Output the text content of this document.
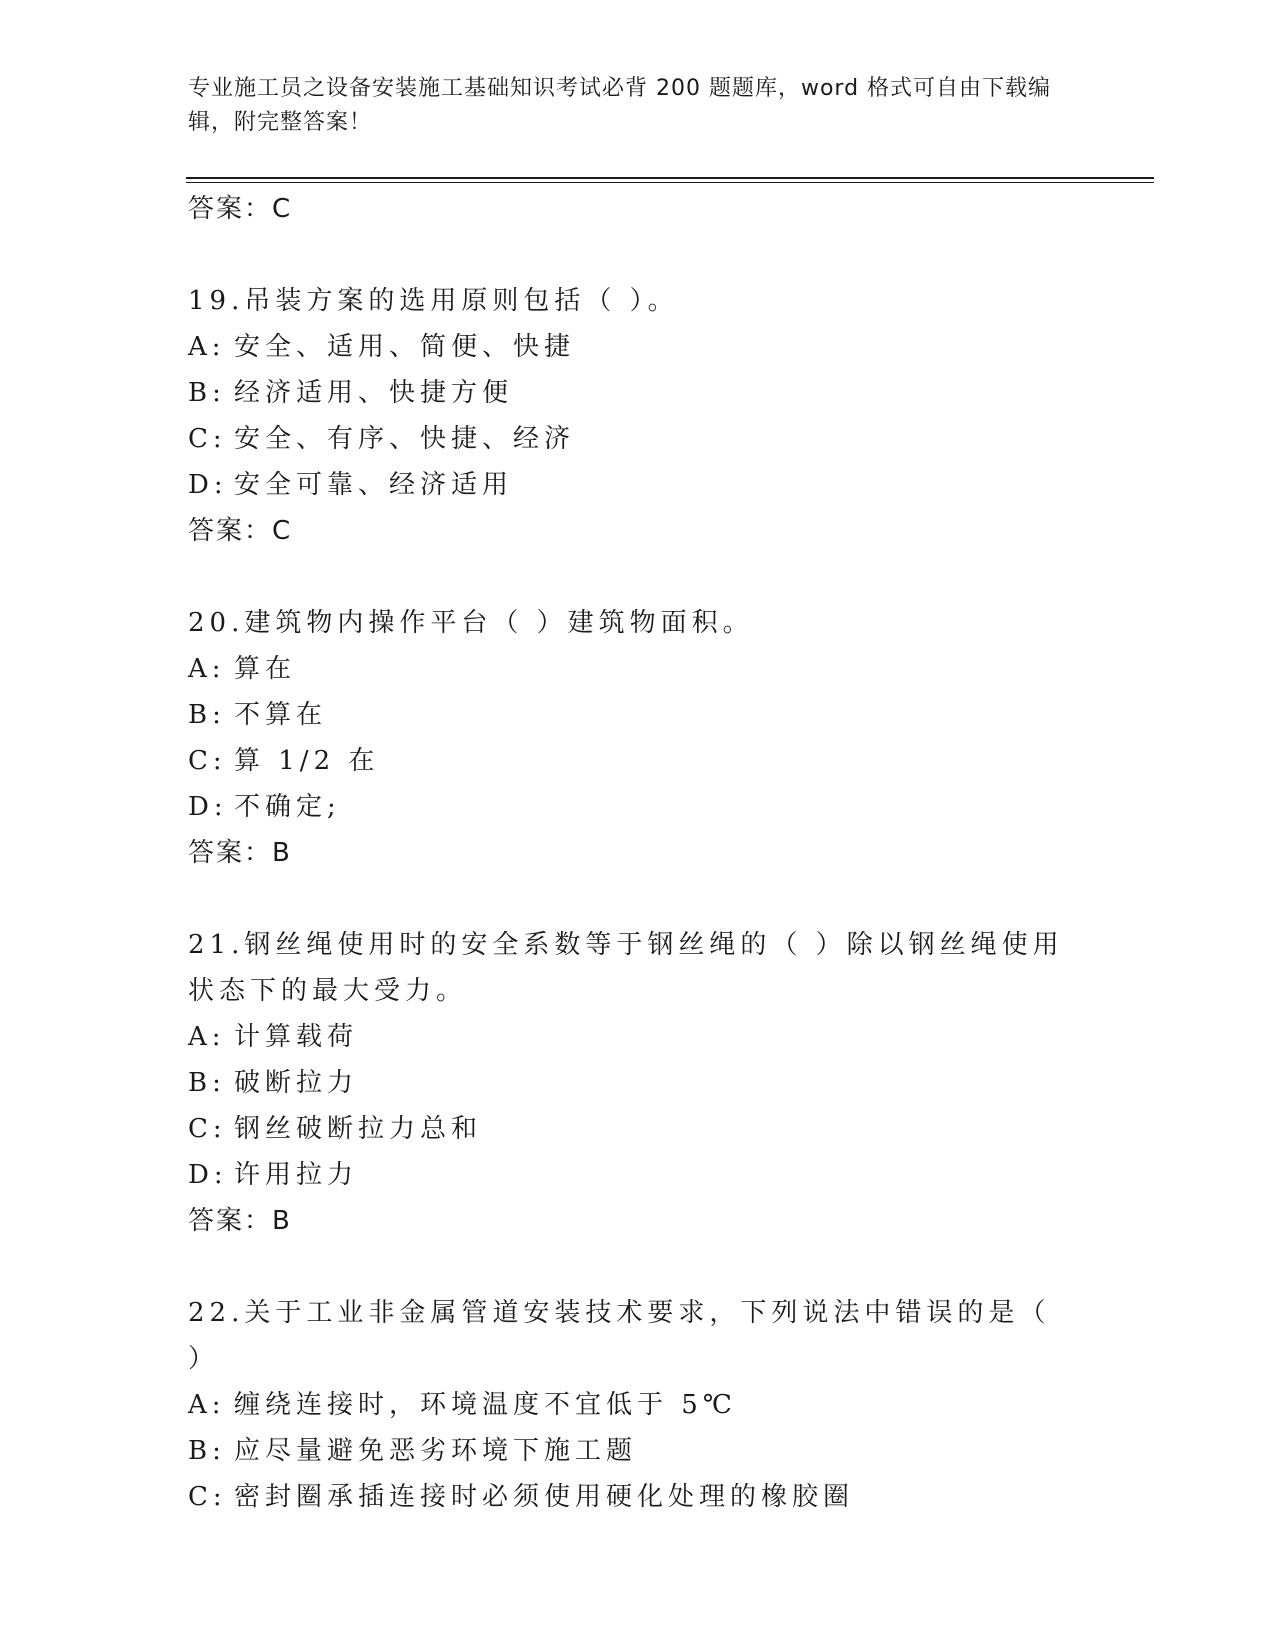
专业施工员之设备安装施工基础知识考试必背 200 题题库，word 格式可自由下载编辑，附完整答案！
答案：C
19.吊装方案的选用原则包括（ ）。
A: 安全、适用、简便、快捷
B: 经济适用、快捷方便
C: 安全、有序、快捷、经济
D: 安全可靠、经济适用
答案：C
20.建筑物内操作平台（ ）建筑物面积。
A: 算在
B: 不算在
C: 算 1/2 在
D: 不确定;
答案：B
21.钢丝绳使用时的安全系数等于钢丝绳的（ ）除以钢丝绳使用状态下的最大受力。
A: 计算载荷
B: 破断拉力
C: 钢丝破断拉力总和
D: 许用拉力
答案：B
22.关于工业非金属管道安装技术要求，下列说法中错误的是（ ）
A: 缠绕连接时，环境温度不宜低于 5℃
B: 应尽量避免恶劣环境下施工题
C: 密封圈承插连接时必须使用硬化处理的橡胶圈
